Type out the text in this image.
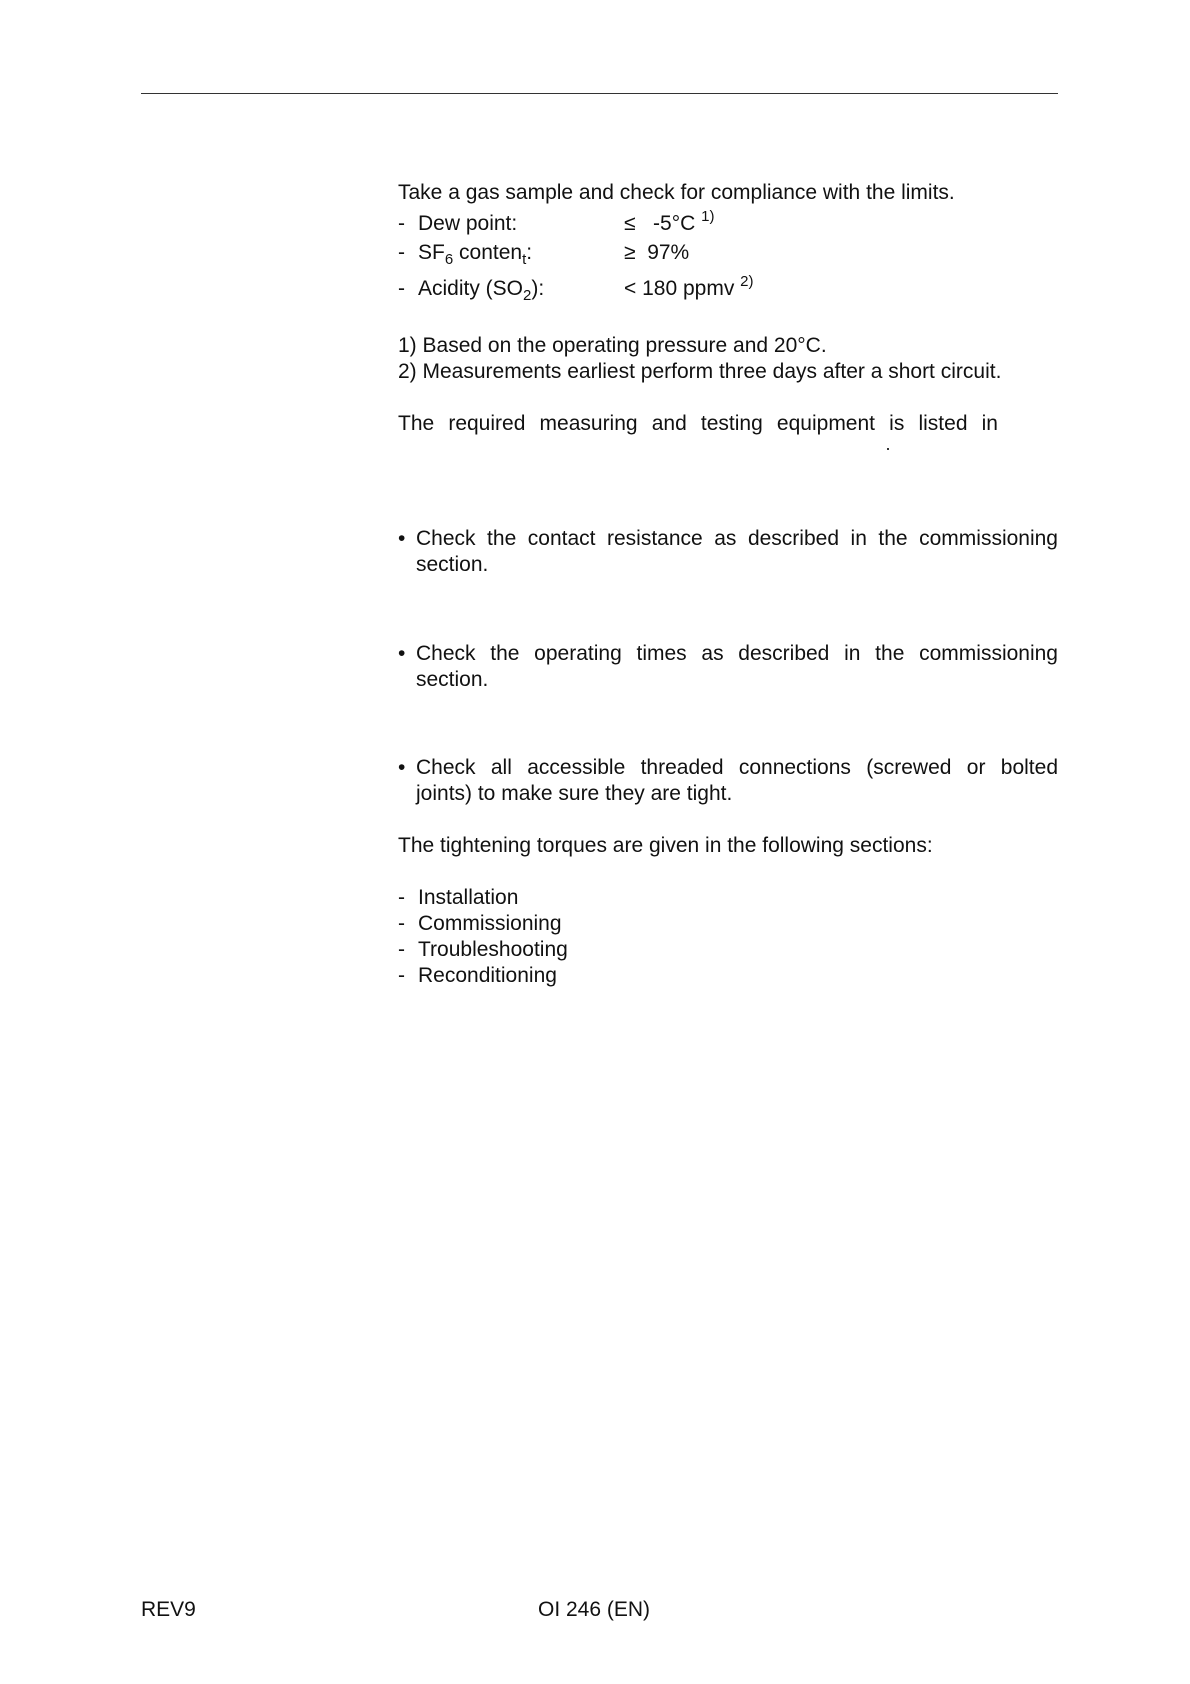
Take a gas sample and check for compliance with the limits.
- Dew point:	≤ -5°C $^{1)}$
- $SF_6$ conten$_t$:	≥ 97%
- Acidity $(SO_2)$:	< 180 ppmv $^{2)}$
1) Based on the operating pressure and 20°C.
2) Measurements earliest perform three days after a short circuit.
The required measuring and testing equipment is listed in
• Check the contact resistance as described in the commissioning
section.
• Check the operating times as described in the commissioning
section.
• Check all accessible threaded connections (screwed or bolted
joints) to make sure they are tight.
The tightening torques are given in the following sections:
- Installation
- Commissioning
- Troubleshooting
- Reconditioning
REV9	OI 246 (EN)
